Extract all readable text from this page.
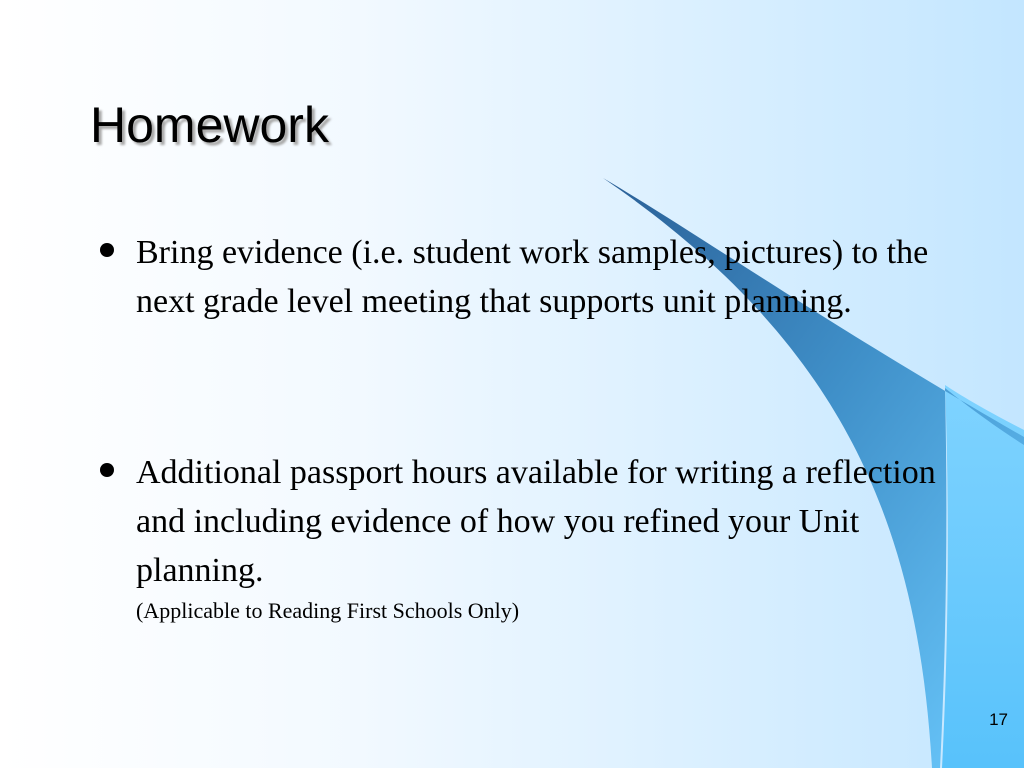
Homework
Bring evidence (i.e. student work samples, pictures) to the next grade level meeting that supports unit planning.
Additional passport hours available for writing a reflection and including evidence of how you refined your Unit planning.
(Applicable to Reading First Schools Only)
17
